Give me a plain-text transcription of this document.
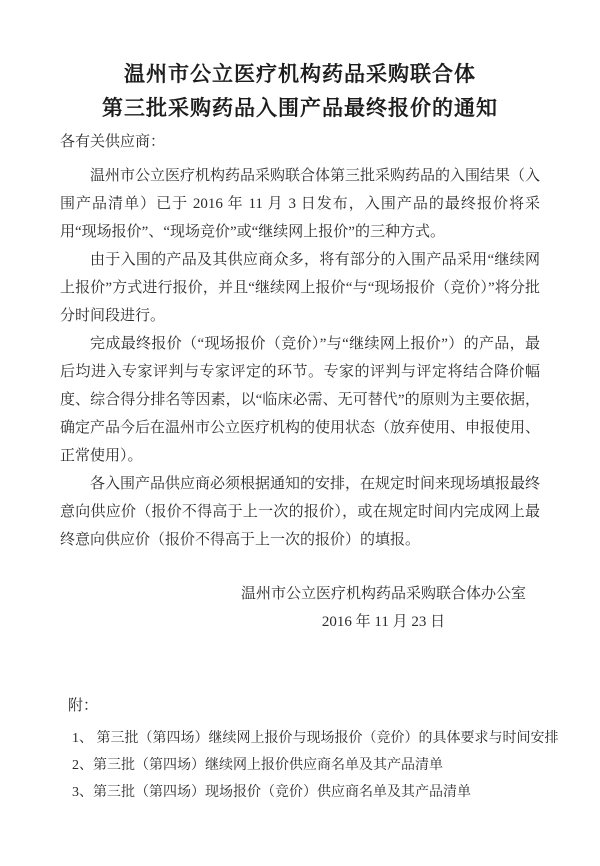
温州市公立医疗机构药品采购联合体
第三批采购药品入围产品最终报价的通知
各有关供应商：

温州市公立医疗机构药品采购联合体第三批采购药品的入围结果（入围产品清单）已于 2016 年 11 月 3 日发布，入围产品的最终报价将采用“现场报价”、“现场竞价”或“继续网上报价”的三种方式。

由于入围的产品及其供应商众多，将有部分的入围产品采用“继续网上报价”方式进行报价，并且“继续网上报价“与“现场报价（竞价）”将分批分时间段进行。

完成最终报价（“现场报价（竞价）”与“继续网上报价”）的产品，最后均进入专家评判与专家评定的环节。专家的评判与评定将结合降价幅度、综合得分排名等因素，以“临床必需、无可替代”的原则为主要依据，确定产品今后在温州市公立医疗机构的使用状态（放弃使用、申报使用、正常使用）。

各入围产品供应商必须根据通知的安排，在规定时间来现场填报最终意向供应价（报价不得高于上一次的报价），或在规定时间内完成网上最终意向供应价（报价不得高于上一次的报价）的填报。

温州市公立医疗机构药品采购联合体办公室
2016 年 11 月 23 日
附：

1、 第三批（第四场）继续网上报价与现场报价（竞价）的具体要求与时间安排

2、第三批（第四场）继续网上报价供应商名单及其产品清单

3、第三批（第四场）现场报价（竞价）供应商名单及其产品清单
